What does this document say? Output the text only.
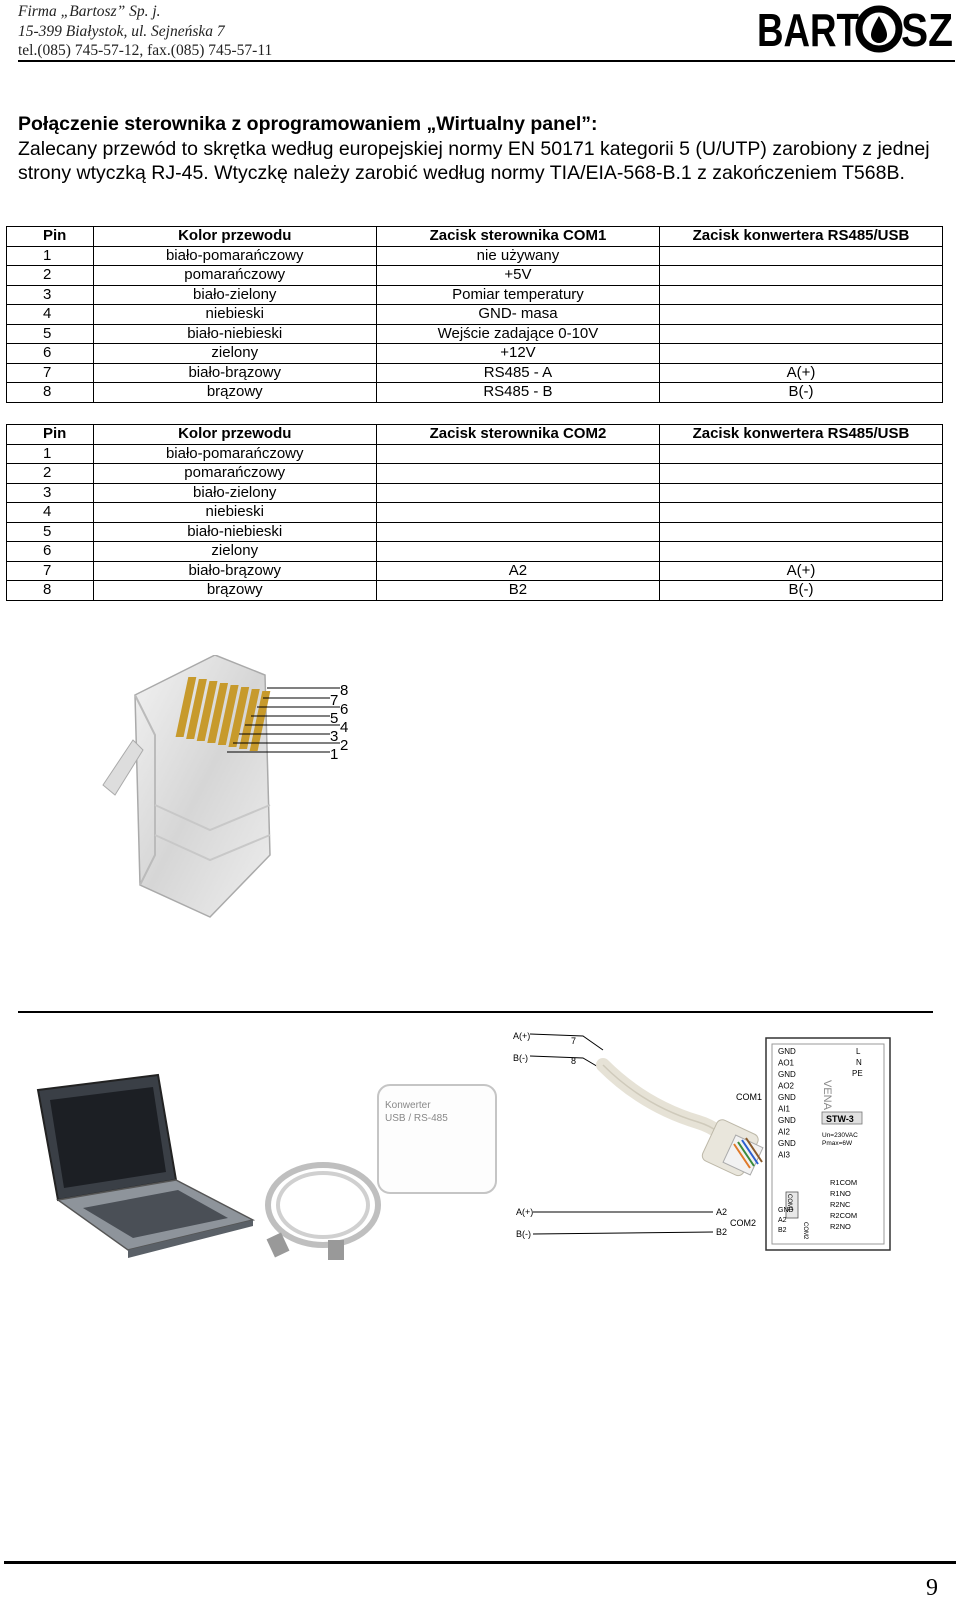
Firma „Bartosz” Sp. j.
15-399 Białystok, ul. Sejneńska 7
tel.(085) 745-57-12, fax.(085) 745-57-11	BART SZ
Połączenie sterownika z oprogramowaniem „Wirtualny panel”:
Zalecany przewód to skrętka według europejskiej normy EN 50171 kategorii 5 (U/UTP) zarobiony z jednej strony wtyczką RJ-45. Wtyczkę należy zarobić według normy TIA/EIA-568-B.1 z zakończeniem T568B.
Pin	Kolor przewodu	Zacisk sterownika COM1	Zacisk konwertera RS485/USB
1	biało-pomarańczowy	nie używany	
2	pomarańczowy	+5V	
3	biało-zielony	Pomiar temperatury	
4	niebieski	GND- masa	
5	biało-niebieski	Wejście zadające 0-10V	
6	zielony	+12V	
7	biało-brązowy	RS485 - A	A(+)
8	brązowy	RS485 - B	B(-)
Pin	Kolor przewodu	Zacisk sterownika COM2	Zacisk konwertera RS485/USB
1	biało-pomarańczowy		
2	pomarańczowy		
3	biało-zielony		
4	niebieski		
5	biało-niebieski		
6	zielony		
7	biało-brązowy	A2	A(+)
8	brązowy	B2	B(-)
8
7
6
5
4
3
2
1
Konwerter
USB / RS-485
A(+)
B(-)
7
8
COM1
A(+)
B(-)
A2
B2
COM2
GND
AO1
GND
AO2
GND
AI1
GND
AI2
GND
AI3
L
N
PE
VENA
STW-3
Un=230VAC
Pmax=6W
R1COM
R1NO
R2NC
R2COM
R2NO
COM1
GND
A2
B2	COM2
9
